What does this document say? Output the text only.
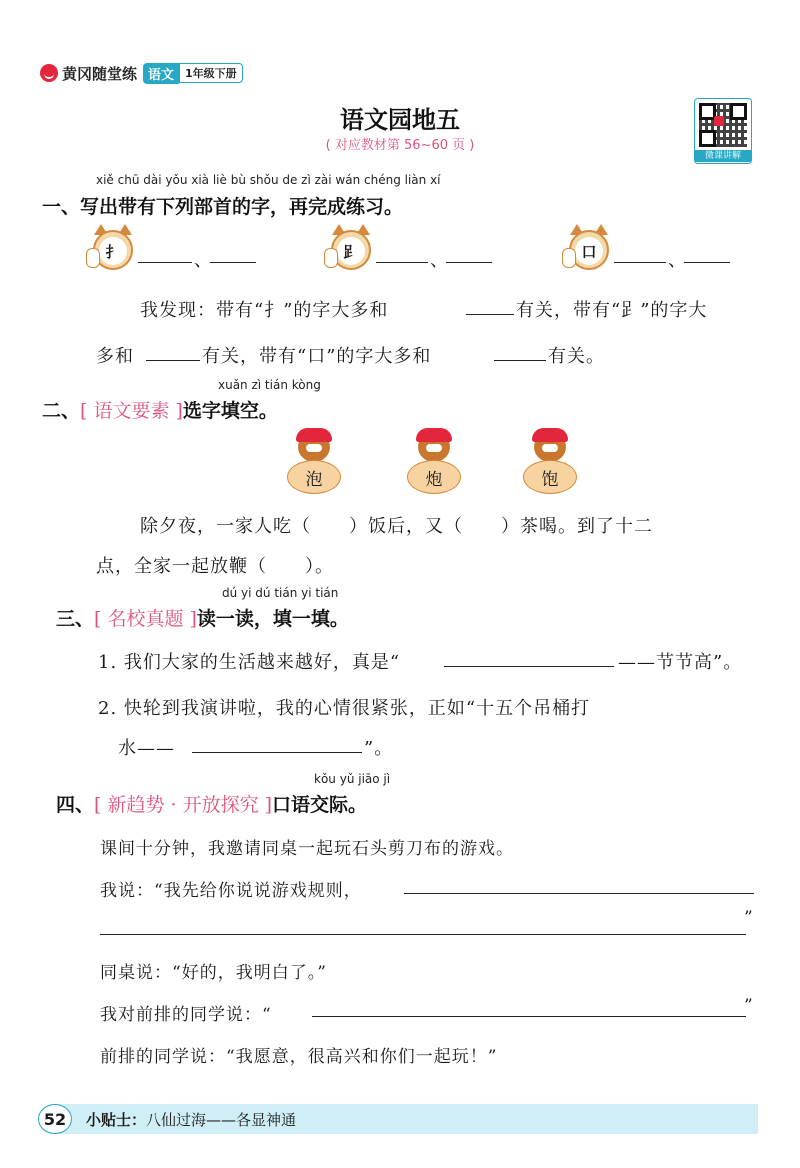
黄冈随堂练 语文	1年级下册
语文园地五
( 对应教材第 56~60 页 )
微课讲解
xiě chū dài yǒu xià liè bù shǒu de zì zài wán chéng liàn xí
一、写出带有下列部首的字，再完成练习。
扌	、	𧾷	、	口	、
我发现：带有“扌”的字大多和	有关，带有“𧾷”的字大
多和	有关，带有“口”的字大多和	有关。
xuǎn zì tián kòng
二、[ 语文要素 ]选字填空。
泡	炮	饱
除夕夜，一家人吃（　　）饭后，又（　　）茶喝。到了十二
点，全家一起放鞭（　　）。
dú yi dú tián yi tián
三、[ 名校真题 ]读一读，填一填。
1. 我们大家的生活越来越好，真是“	——节节高”。
2. 快轮到我演讲啦，我的心情很紧张，正如“十五个吊桶打
水——	”。
kǒu yǔ jiāo jì
四、[ 新趋势 · 开放探究 ]口语交际。
课间十分钟，我邀请同桌一起玩石头剪刀布的游戏。
我说：“我先给你说说游戏规则，
”
同桌说：“好的，我明白了。”
我对前排的同学说：“	”
前排的同学说：“我愿意，很高兴和你们一起玩！”
52	小贴士：八仙过海——各显神通
